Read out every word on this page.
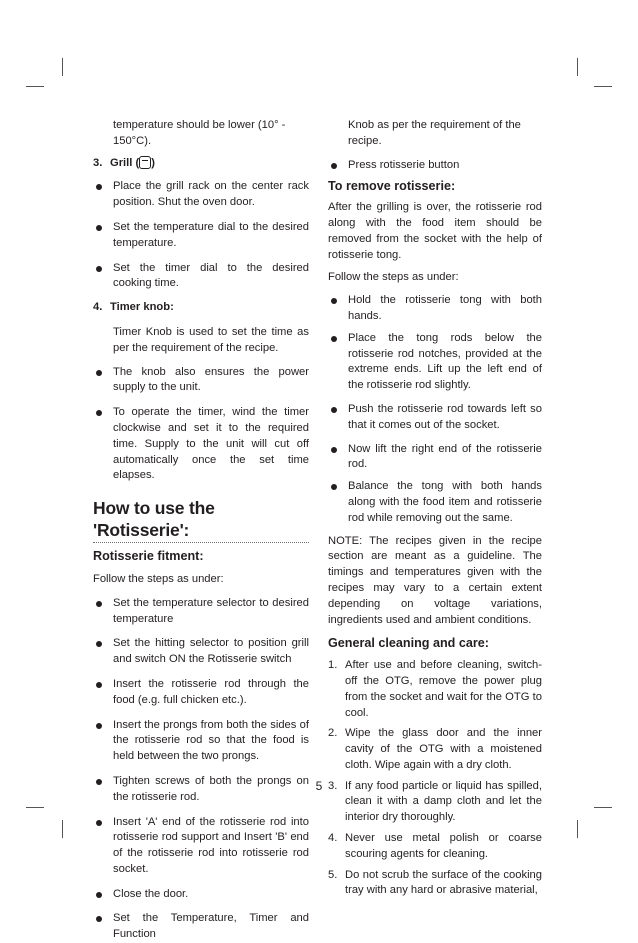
temperature should be lower (10° - 150°C).

3. Grill ( )
Place the grill rack on the center rack position. Shut the oven door.
Set the temperature dial to the desired temperature.
Set the timer dial to the desired cooking time.
4. Timer knob:

Timer Knob is used to set the time as per the requirement of the recipe.

The knob also ensures the power supply to the unit.
To operate the timer, wind the timer clockwise and set it to the required time. Supply to the unit will cut off automatically once the set time elapses.
How to use the 'Rotisserie':
Rotisserie fitment:

Follow the steps as under:

Set the temperature selector to desired temperature
Set the hitting selector to position grill and switch ON the Rotisserie switch
Insert the rotisserie rod through the food (e.g. full chicken etc.).
Insert the prongs from both the sides of the rotisserie rod so that the food is held between the two prongs.
Tighten screws of both the prongs on the rotisserie rod.
Insert 'A' end of the rotisserie rod into rotisserie rod support and Insert 'B' end of the rotisserie rod into rotisserie rod socket.
Close the door.
Set the Temperature, Timer and Function

Knob as per the requirement of the recipe.

Press rotisserie button
To remove rotisserie:

After the grilling is over, the rotisserie rod along with the food item should be removed from the socket with the help of rotisserie tong.

Follow the steps as under:

Hold the rotisserie tong with both hands.
Place the tong rods below the rotisserie rod notches, provided at the extreme ends. Lift up the left end of the rotisserie rod slightly.
Push the rotisserie rod towards left so that it comes out of the socket.
Now lift the right end of the rotisserie rod.
Balance the tong with both hands along with the food item and rotisserie rod while removing out the same.

NOTE: The recipes given in the recipe section are meant as a guideline. The timings and temperatures given with the recipes may vary to a certain extent depending on voltage variations, ingredients used and ambient conditions.

General cleaning and care:
1. After use and before cleaning, switch-off the OTG, remove the power plug from the socket and wait for the OTG to cool.
2. Wipe the glass door and the inner cavity of the OTG with a moistened cloth. Wipe again with a dry cloth.
3. If any food particle or liquid has spilled, clean it with a damp cloth and let the interior dry thoroughly.
4. Never use metal polish or coarse scouring agents for cleaning.
5. Do not scrub the surface of the cooking tray with any hard or abrasive material,
5
